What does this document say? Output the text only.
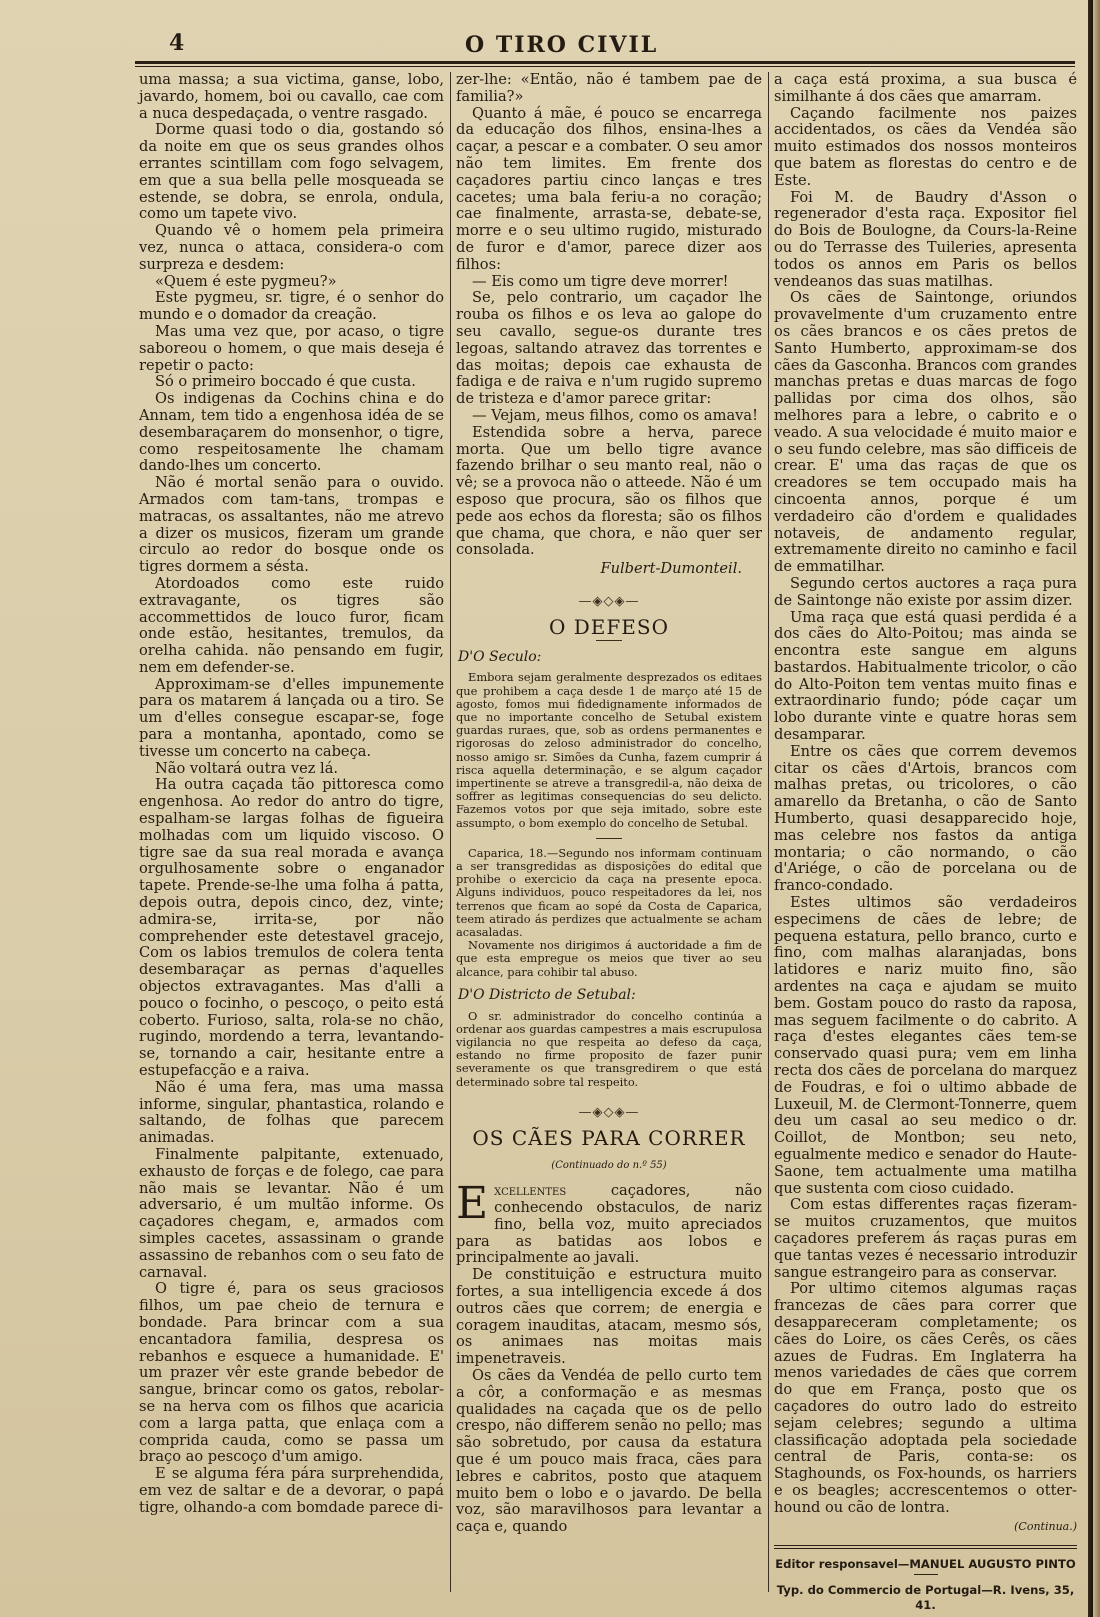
4	O TIRO CIVIL

uma massa; a sua victima, ganse, lobo, javardo, homem, boi ou cavallo, cae com a nuca despedaçada, o ventre rasgado.

Dorme quasi todo o dia, gostando só da noite em que os seus grandes olhos errantes scintillam com fogo selvagem, em que a sua bella pelle mosqueada se estende, se dobra, se enrola, ondula, como um tapete vivo.

Quando vê o homem pela primeira vez, nunca o attaca, considera-o com surpreza e desdem:

«Quem é este pygmeu?»

Este pygmeu, sr. tigre, é o senhor do mundo e o domador da creação.

Mas uma vez que, por acaso, o tigre saboreou o homem, o que mais deseja é repetir o pacto:

Só o primeiro boccado é que custa.

Os indigenas da Cochins china e do Annam, tem tido a engenhosa idéa de se desembaraçarem do monsenhor, o tigre, como respeitosamente lhe chamam dando-lhes um concerto.

Não é mortal senão para o ouvido. Armados com tam-tans, trompas e matracas, os assaltantes, não me atrevo a dizer os musicos, fizeram um grande circulo ao redor do bosque onde os tigres dormem a sésta.

Atordoados como este ruido extravagante, os tigres são accommettidos de louco furor, ficam onde estão, hesitantes, tremulos, da orelha cahida. não pensando em fugir, nem em defender-se.

Approximam-se d'elles impunemente para os matarem á lançada ou a tiro. Se um d'elles consegue escapar-se, foge para a montanha, apontado, como se tivesse um concerto na cabeça.

Não voltará outra vez lá.

Ha outra caçada tão pittoresca como engenhosa. Ao redor do antro do tigre, espalham-se largas folhas de figueira molhadas com um liquido viscoso. O tigre sae da sua real morada e avança orgulhosamente sobre o enganador tapete. Prende-se-lhe uma folha á patta, depois outra, depois cinco, dez, vinte; admira-se, irrita-se, por não comprehender este detestavel gracejo, Com os labios tremulos de colera tenta desembaraçar as pernas d'aquelles objectos extravagantes. Mas d'alli a pouco o focinho, o pescoço, o peito está coberto. Furioso, salta, rola-se no chão, rugindo, mordendo a terra, levantando-se, tornando a cair, hesitante entre a estupefacção e a raiva.

Não é uma fera, mas uma massa informe, singular, phantastica, rolando e saltando, de folhas que parecem animadas.

Finalmente palpitante, extenuado, exhausto de forças e de folego, cae para não mais se levantar. Não é um adversario, é um multão informe. Os caçadores chegam, e, armados com simples cacetes, assassinam o grande assassino de rebanhos com o seu fato de carnaval.

O tigre é, para os seus graciosos filhos, um pae cheio de ternura e bondade. Para brincar com a sua encantadora familia, despresa os rebanhos e esquece a humanidade. E' um prazer vêr este grande bebedor de sangue, brincar como os gatos, rebolar-se na herva com os filhos que acaricia com a larga patta, que enlaça com a comprida cauda, como se passa um braço ao pescoço d'um amigo.

E se alguma féra pára surprehendida, em vez de saltar e de a devorar, o papá tigre, olhando-a com bomdade parece di-

zer-lhe: «Então, não é tambem pae de familia?»

Quanto á mãe, é pouco se encarrega da educação dos filhos, ensina-lhes a caçar, a pescar e a combater. O seu amor não tem limites. Em frente dos caçadores partiu cinco lanças e tres cacetes; uma bala feriu-a no coração; cae finalmente, arrasta-se, debate-se, morre e o seu ultimo rugido, misturado de furor e d'amor, parece dizer aos filhos:

— Eis como um tigre deve morrer!

Se, pelo contrario, um caçador lhe rouba os filhos e os leva ao galope do seu cavallo, segue-os durante tres legoas, saltando atravez das torrentes e das moitas; depois cae exhausta de fadiga e de raiva e n'um rugido supremo de tristeza e d'amor parece gritar:

— Vejam, meus filhos, como os amava!

Estendida sobre a herva, parece morta. Que um bello tigre avance fazendo brilhar o seu manto real, não o vê; se a provoca não o atteede. Não é um esposo que procura, são os filhos que pede aos echos da floresta; são os filhos que chama, que chora, e não quer ser consolada.

Fulbert-Dumonteil.
—◈◇◈—
O DEFESO
D'O Seculo:

Embora sejam geralmente desprezados os editaes que prohibem a caça desde 1 de março até 15 de agosto, fomos mui fidedignamente informados de que no importante concelho de Setubal existem guardas ruraes, que, sob as ordens permanentes e rigorosas do zeloso administrador do concelho, nosso amigo sr. Simões da Cunha, fazem cumprir á risca aquella determinação, e se algum caçador impertinente se atreve a transgredil-a, não deixa de soffrer as legitimas consequencias do seu delicto. Fazemos votos por que seja imitado, sobre este assumpto, o bom exemplo do concelho de Setubal.

Caparica, 18.—Segundo nos informam continuam a ser transgredidas as disposições do edital que prohibe o exercicio da caça na presente epoca. Alguns individuos, pouco respeitadores da lei, nos terrenos que ficam ao sopé da Costa de Caparica, teem atirado ás perdizes que actualmente se acham acasaladas.

Novamente nos dirigimos á auctoridade a fim de que esta empregue os meios que tiver ao seu alcance, para cohibir tal abuso.

D'O Districto de Setubal:

O sr. administrador do concelho continúa a ordenar aos guardas campestres a mais escrupulosa vigilancia no que respeita ao defeso da caça, estando no firme proposito de fazer punir severamente os que transgredirem o que está determinado sobre tal respeito.

—◈◇◈—
OS CÃES PARA CORRER
(Continuado do n.º 55)

Excellentes caçadores, não conhecendo obstaculos, de nariz fino, bella voz, muito apreciados para as batidas aos lobos e principalmente ao javali.

De constituição e estructura muito fortes, a sua intelligencia excede á dos outros cães que correm; de energia e coragem inauditas, atacam, mesmo sós, os animaes nas moitas mais impenetraveis.

Os cães da Vendéa de pello curto tem a côr, a conformação e as mesmas qualidades na caçada que os de pello crespo, não differem senão no pello; mas são sobretudo, por causa da estatura que é um pouco mais fraca, cães para lebres e cabritos, posto que ataquem muito bem o lobo e o javardo. De bella voz, são maravilhosos para levantar a caça e, quando

a caça está proxima, a sua busca é similhante á dos cães que amarram.

Caçando facilmente nos paizes accidentados, os cães da Vendéa são muito estimados dos nossos monteiros que batem as florestas do centro e de Este.

Foi M. de Baudry d'Asson o regenerador d'esta raça. Expositor fiel do Bois de Boulogne, da Cours-la-Reine ou do Terrasse des Tuileries, apresenta todos os annos em Paris os bellos vendeanos das suas matilhas.

Os cães de Saintonge, oriundos provavelmente d'um cruzamento entre os cães brancos e os cães pretos de Santo Humberto, approximam-se dos cães da Gasconha. Brancos com grandes manchas pretas e duas marcas de fogo pallidas por cima dos olhos, são melhores para a lebre, o cabrito e o veado. A sua velocidade é muito maior e o seu fundo celebre, mas são difficeis de crear. E' uma das raças de que os creadores se tem occupado mais ha cincoenta annos, porque é um verdadeiro cão d'ordem e qualidades notaveis, de andamento regular, extremamente direito no caminho e facil de emmatilhar.

Segundo certos auctores a raça pura de Saintonge não existe por assim dizer.

Uma raça que está quasi perdida é a dos cães do Alto-Poitou; mas ainda se encontra este sangue em alguns bastardos. Habitualmente tricolor, o cão do Alto-Poiton tem ventas muito finas e extraordinario fundo; póde caçar um lobo durante vinte e quatre horas sem desamparar.

Entre os cães que correm devemos citar os cães d'Artois, brancos com malhas pretas, ou tricolores, o cão amarello da Bretanha, o cão de Santo Humberto, quasi desapparecido hoje, mas celebre nos fastos da antiga montaria; o cão normando, o cão d'Ariége, o cão de porcelana ou de franco-condado.

Estes ultimos são verdadeiros especimens de cães de lebre; de pequena estatura, pello branco, curto e fino, com malhas alaranjadas, bons latidores e nariz muito fino, são ardentes na caça e ajudam se muito bem. Gostam pouco do rasto da raposa, mas seguem facilmente o do cabrito. A raça d'estes elegantes cães tem-se conservado quasi pura; vem em linha recta dos cães de porcelana do marquez de Foudras, e foi o ultimo abbade de Luxeuil, M. de Clermont-Tonnerre, quem deu um casal ao seu medico o dr. Coillot, de Montbon; seu neto, egualmente medico e senador do Haute-Saone, tem actualmente uma matilha que sustenta com cioso cuidado.

Com estas differentes raças fizeram-se muitos cruzamentos, que muitos caçadores preferem ás raças puras em que tantas vezes é necessario introduzir sangue estrangeiro para as conservar.

Por ultimo citemos algumas raças francezas de cães para correr que desappareceram completamente; os cães do Loire, os cães Cerês, os cães azues de Fudras. Em Inglaterra ha menos variedades de cães que correm do que em França, posto que os caçadores do outro lado do estreito sejam celebres; segundo a ultima classificação adoptada pela sociedade central de Paris, conta-se: os Staghounds, os Fox-hounds, os harriers e os beagles; accrescentemos o otter-hound ou cão de lontra.

(Continua.)
Editor responsavel—MANUEL AUGUSTO PINTO
Typ. do Commercio de Portugal—R. Ivens, 35, 41.
